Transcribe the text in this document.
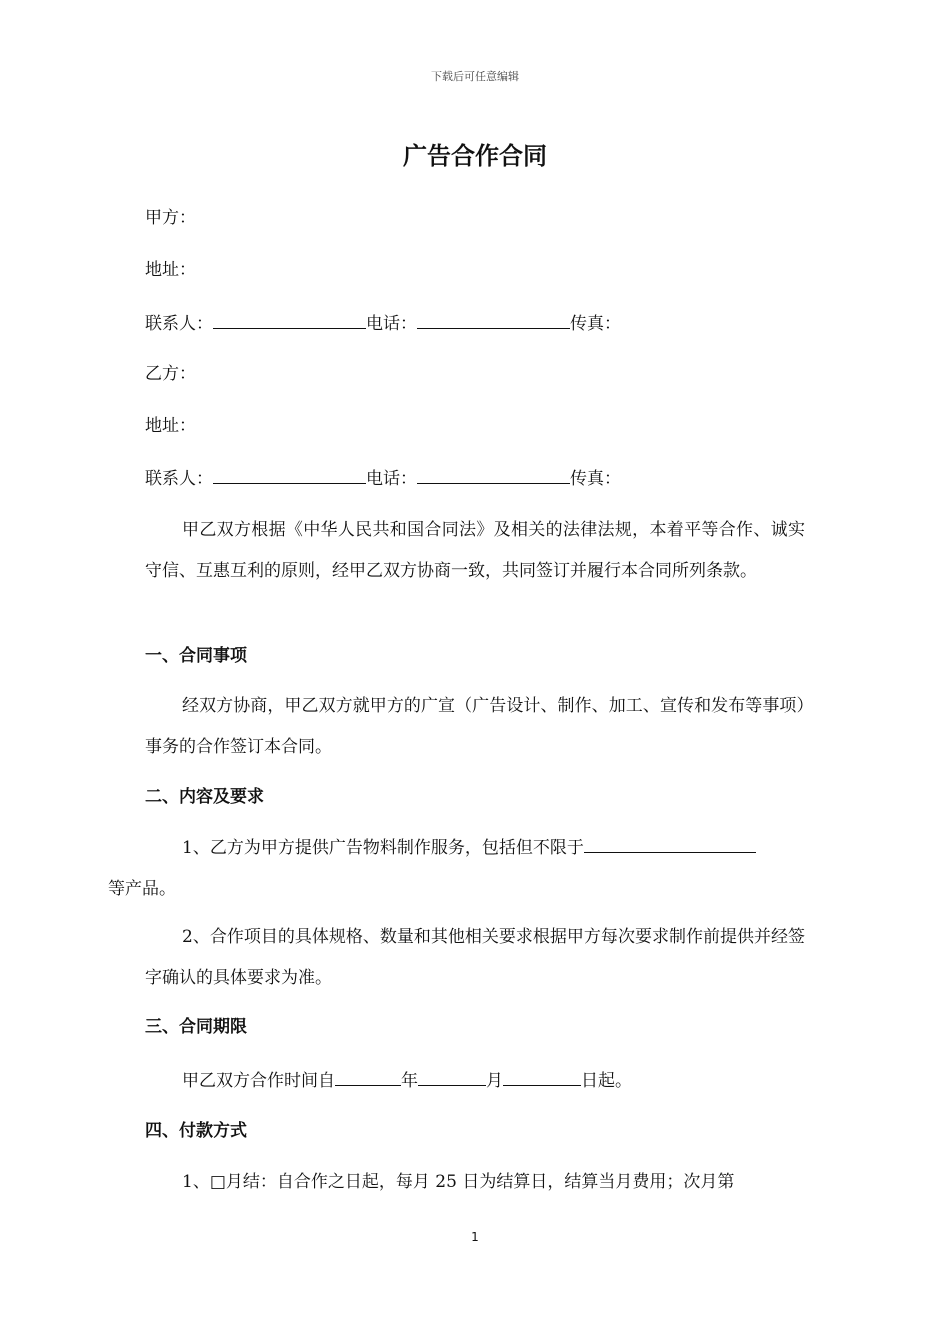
下载后可任意编辑
广告合作合同
甲方：
地址：
联系人：	电话：	传真：
乙方：
地址：
联系人：	电话：	传真：
甲乙双方根据《中华人民共和国合同法》及相关的法律法规，本着平等合作、诚实守信、互惠互利的原则，经甲乙双方协商一致，共同签订并履行本合同所列条款。
一、合同事项
经双方协商，甲乙双方就甲方的广宣（广告设计、制作、加工、宣传和发布等事项）事务的合作签订本合同。
二、内容及要求
1、乙方为甲方提供广告物料制作服务，包括但不限于
等产品。
2、合作项目的具体规格、数量和其他相关要求根据甲方每次要求制作前提供并经签字确认的具体要求为准。
三、合同期限
甲乙双方合作时间自	年	月	日起。
四、付款方式
1、□月结：自合作之日起，每月 25 日为结算日，结算当月费用；次月第
1
